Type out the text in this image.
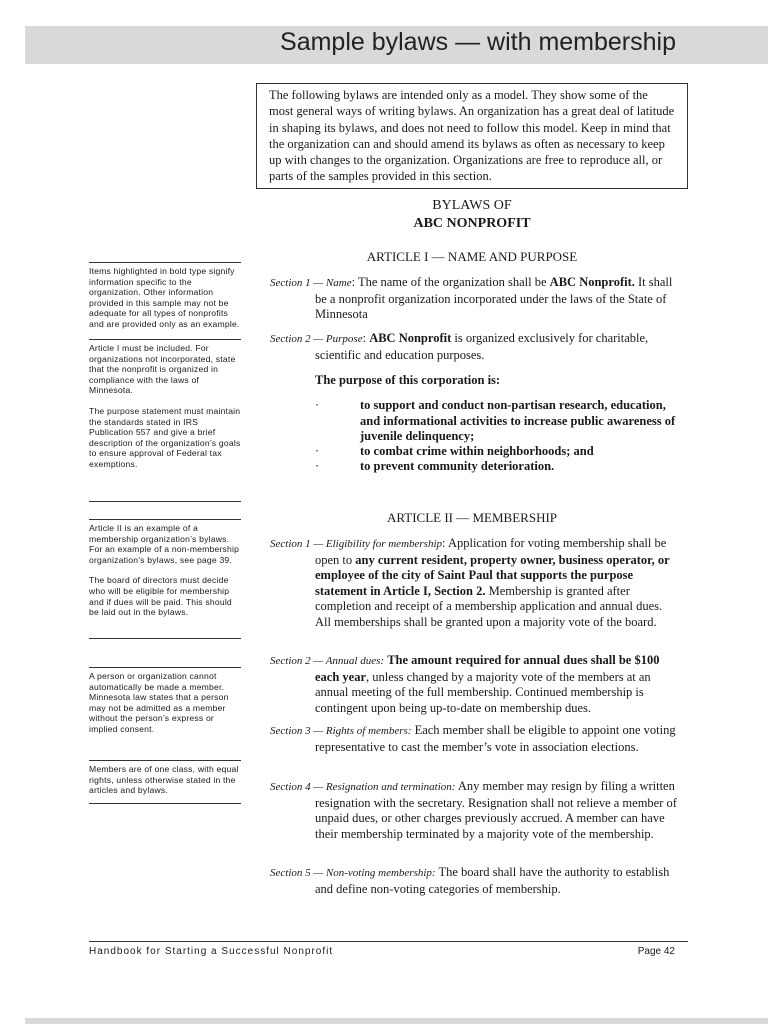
Sample bylaws — with membership

The following bylaws are intended only as a model. They show some of the most general ways of writing bylaws. An organization has a great deal of latitude in shaping its bylaws, and does not need to follow this model. Keep in mind that the organization can and should amend its bylaws as often as necessary to keep up with changes to the organization. Organizations are free to reproduce all, or parts of the samples provided in this section.

BYLAWS OF
ABC NONPROFIT
ARTICLE I — NAME AND PURPOSE

Section 1 — Name: The name of the organization shall be ABC Nonprofit. It shall be a nonprofit organization incorporated under the laws of the State of Minnesota

Section 2 — Purpose: ABC Nonprofit is organized exclusively for charitable, scientific and education purposes.

The purpose of this corporation is:
·	to support and conduct non-partisan research, education, and informational activities to increase public awareness of juvenile delinquency;
·	to combat crime within neighborhoods; and
·	to prevent community deterioration.
ARTICLE II — MEMBERSHIP

Section 1 — Eligibility for membership: Application for voting membership shall be open to any current resident, property owner, business operator, or employee of the city of Saint Paul that supports the purpose statement in Article I, Section 2. Membership is granted after completion and receipt of a membership application and annual dues. All memberships shall be granted upon a majority vote of the board.

Section 2 — Annual dues: The amount required for annual dues shall be $100 each year, unless changed by a majority vote of the members at an annual meeting of the full membership. Continued membership is contingent upon being up-to-date on membership dues.

Section 3 — Rights of members: Each member shall be eligible to appoint one voting representative to cast the member’s vote in association elections.

Section 4 — Resignation and termination: Any member may resign by filing a written resignation with the secretary. Resignation shall not relieve a member of unpaid dues, or other charges previously accrued. A member can have their membership terminated by a majority vote of the membership.

Section 5 — Non-voting membership: The board shall have the authority to establish and define non-voting categories of membership.

Items highlighted in bold type signify information specific to the organization. Other information provided in this sample may not be adequate for all types of nonprofits and are provided only as an example.

Article I must be included. For organizations not incorporated, state that the nonprofit is organized in compliance with the laws of Minnesota.

The purpose statement must maintain the standards stated in IRS Publication 557 and give a brief description of the organization’s goals to ensure approval of Federal tax exemptions.

Article II is an example of a membership organization’s bylaws. For an example of a non-membership organization’s bylaws, see page 39.

The board of directors must decide who will be eligible for membership and if dues will be paid. This should be laid out in the bylaws.

A person or organization cannot automatically be made a member. Minnesota law states that a person may not be admitted as a member without the person’s express or implied consent.

Members are of one class, with equal rights, unless otherwise stated in the articles and bylaws.

Handbook for Starting a Successful Nonprofit	Page 42
